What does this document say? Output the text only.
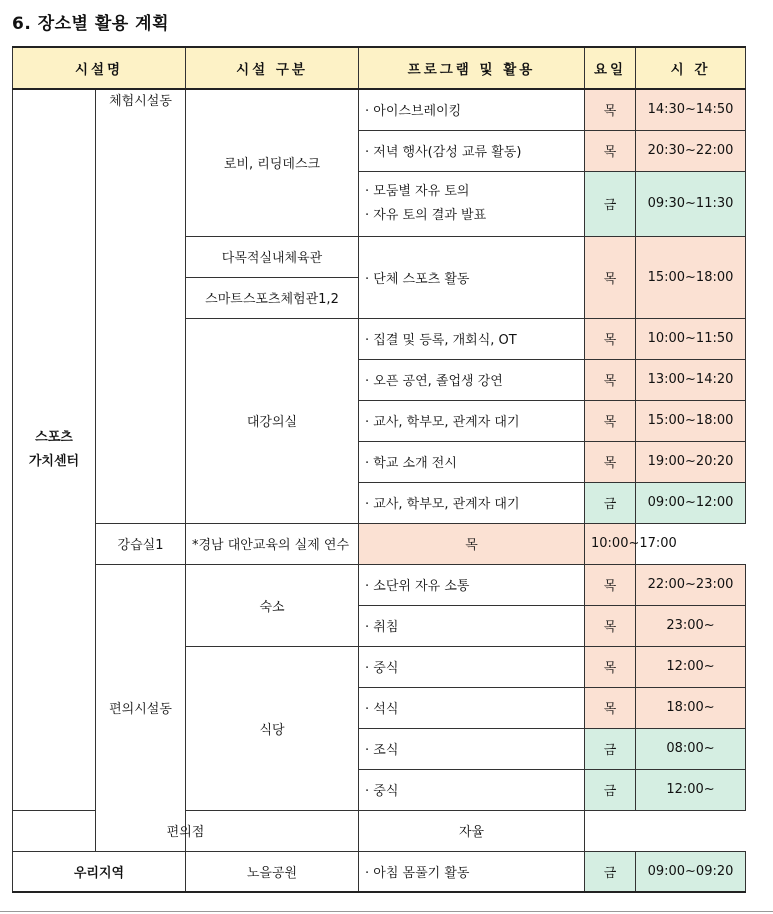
6. 장소별 활용 계획
시설명		시설 구분	프로그램 및 활용	요일	시 간

스포츠
가치센터	체험시설동	로비, 리딩데스크	· 아이스브레이킹	목	14:30~14:50
			· 저녁 행사(감성 교류 활동)	목	20:30~22:00

			· 모둠별 자유 토의
· 자유 토의 결과 발표	금	09:30~11:30
		다목적실내체육관	· 단체 스포츠 활동	목	15:00~18:00
		스마트스포츠체험관1,2			
		대강의실	· 집결 및 등록, 개회식, OT	목	10:00~11:50
			· 오픈 공연, 졸업생 강연	목	13:00~14:20
			· 교사, 학부모, 관계자 대기	목	15:00~18:00
			· 학교 소개 전시	목	19:00~20:20
			· 교사, 학부모, 관계자 대기	금	09:00~12:00
	강습실1	*경남 대안교육의 실제 연수	목	10:00~17:00	
	편의시설동	숙소	· 소단위 자유 소통	목	22:00~23:00
			· 취침	목	23:00~
		식당	· 중식	목	12:00~
			· 석식	목	18:00~
			· 조식	금	08:00~
			· 중식	금	12:00~
편의점			자율		
우리지역		노을공원	· 아침 몸풀기 활동	금	09:00~09:20
